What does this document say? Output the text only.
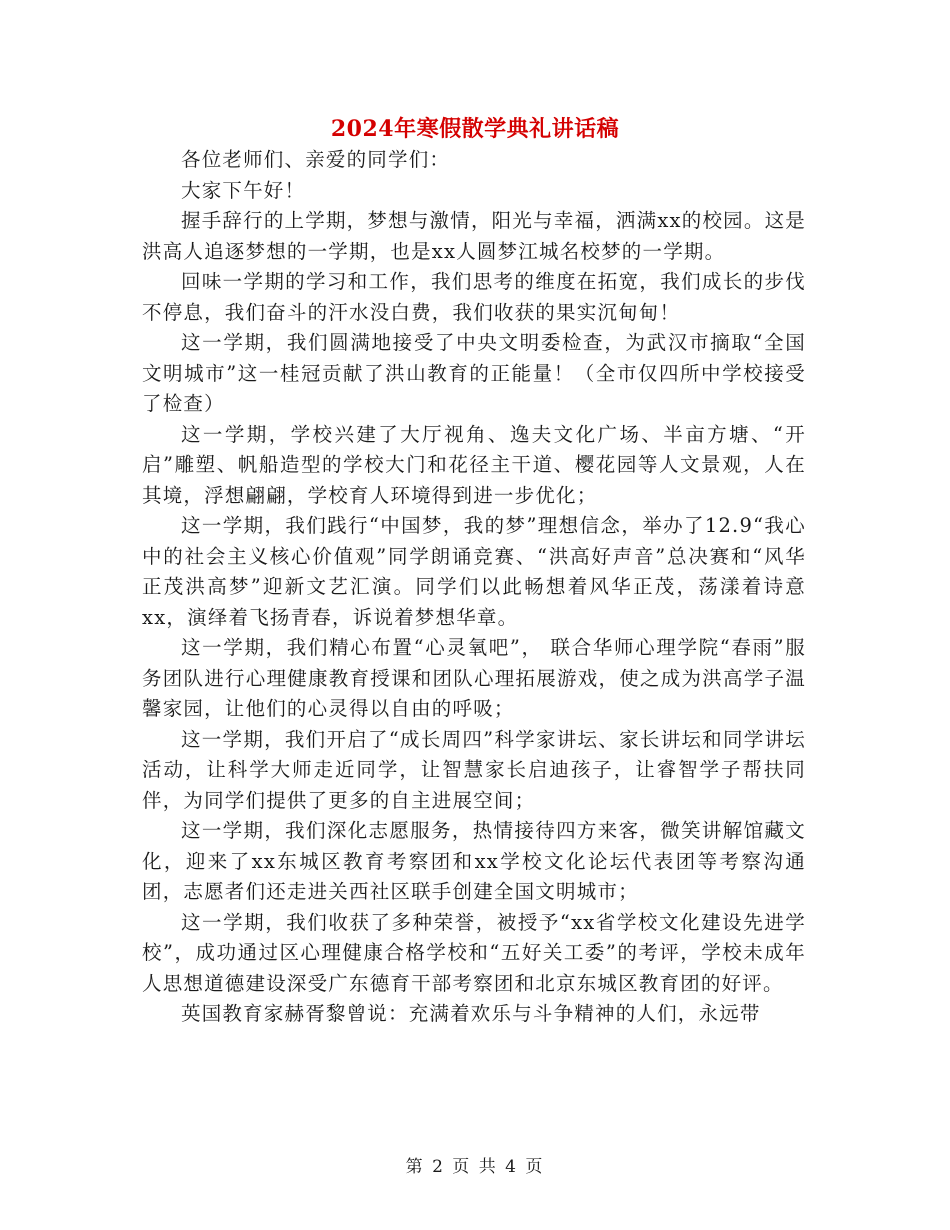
2024年寒假散学典礼讲话稿

各位老师们、亲爱的同学们：

大家下午好！

握手辞行的上学期，梦想与激情，阳光与幸福，洒满xx的校园。这是洪高人追逐梦想的一学期，也是xx人圆梦江城名校梦的一学期。

回味一学期的学习和工作，我们思考的维度在拓宽，我们成长的步伐不停息，我们奋斗的汗水没白费，我们收获的果实沉甸甸！

这一学期，我们圆满地接受了中央文明委检查，为武汉市摘取“全国文明城市”这一桂冠贡献了洪山教育的正能量！（全市仅四所中学校接受了检查）

这一学期，学校兴建了大厅视角、逸夫文化广场、半亩方塘、“开启”雕塑、帆船造型的学校大门和花径主干道、樱花园等人文景观，人在其境，浮想翩翩，学校育人环境得到进一步优化；

这一学期，我们践行“中国梦，我的梦”理想信念，举办了12.9“我心中的社会主义核心价值观”同学朗诵竞赛、“洪高好声音”总决赛和“风华正茂洪高梦”迎新文艺汇演。同学们以此畅想着风华正茂，荡漾着诗意xx，演绎着飞扬青春，诉说着梦想华章。

这一学期，我们精心布置“心灵氧吧”， 联合华师心理学院“春雨”服务团队进行心理健康教育授课和团队心理拓展游戏，使之成为洪高学子温馨家园，让他们的心灵得以自由的呼吸；

这一学期，我们开启了“成长周四”科学家讲坛、家长讲坛和同学讲坛活动，让科学大师走近同学，让智慧家长启迪孩子，让睿智学子帮扶同伴，为同学们提供了更多的自主进展空间；

这一学期，我们深化志愿服务，热情接待四方来客，微笑讲解馆藏文化，迎来了xx东城区教育考察团和xx学校文化论坛代表团等考察沟通团，志愿者们还走进关西社区联手创建全国文明城市；

这一学期，我们收获了多种荣誉，被授予“xx省学校文化建设先进学校”，成功通过区心理健康合格学校和“五好关工委”的考评，学校未成年人思想道德建设深受广东德育干部考察团和北京东城区教育团的好评。

英国教育家赫胥黎曾说：充满着欢乐与斗争精神的人们，永远带

第 2 页 共 4 页
